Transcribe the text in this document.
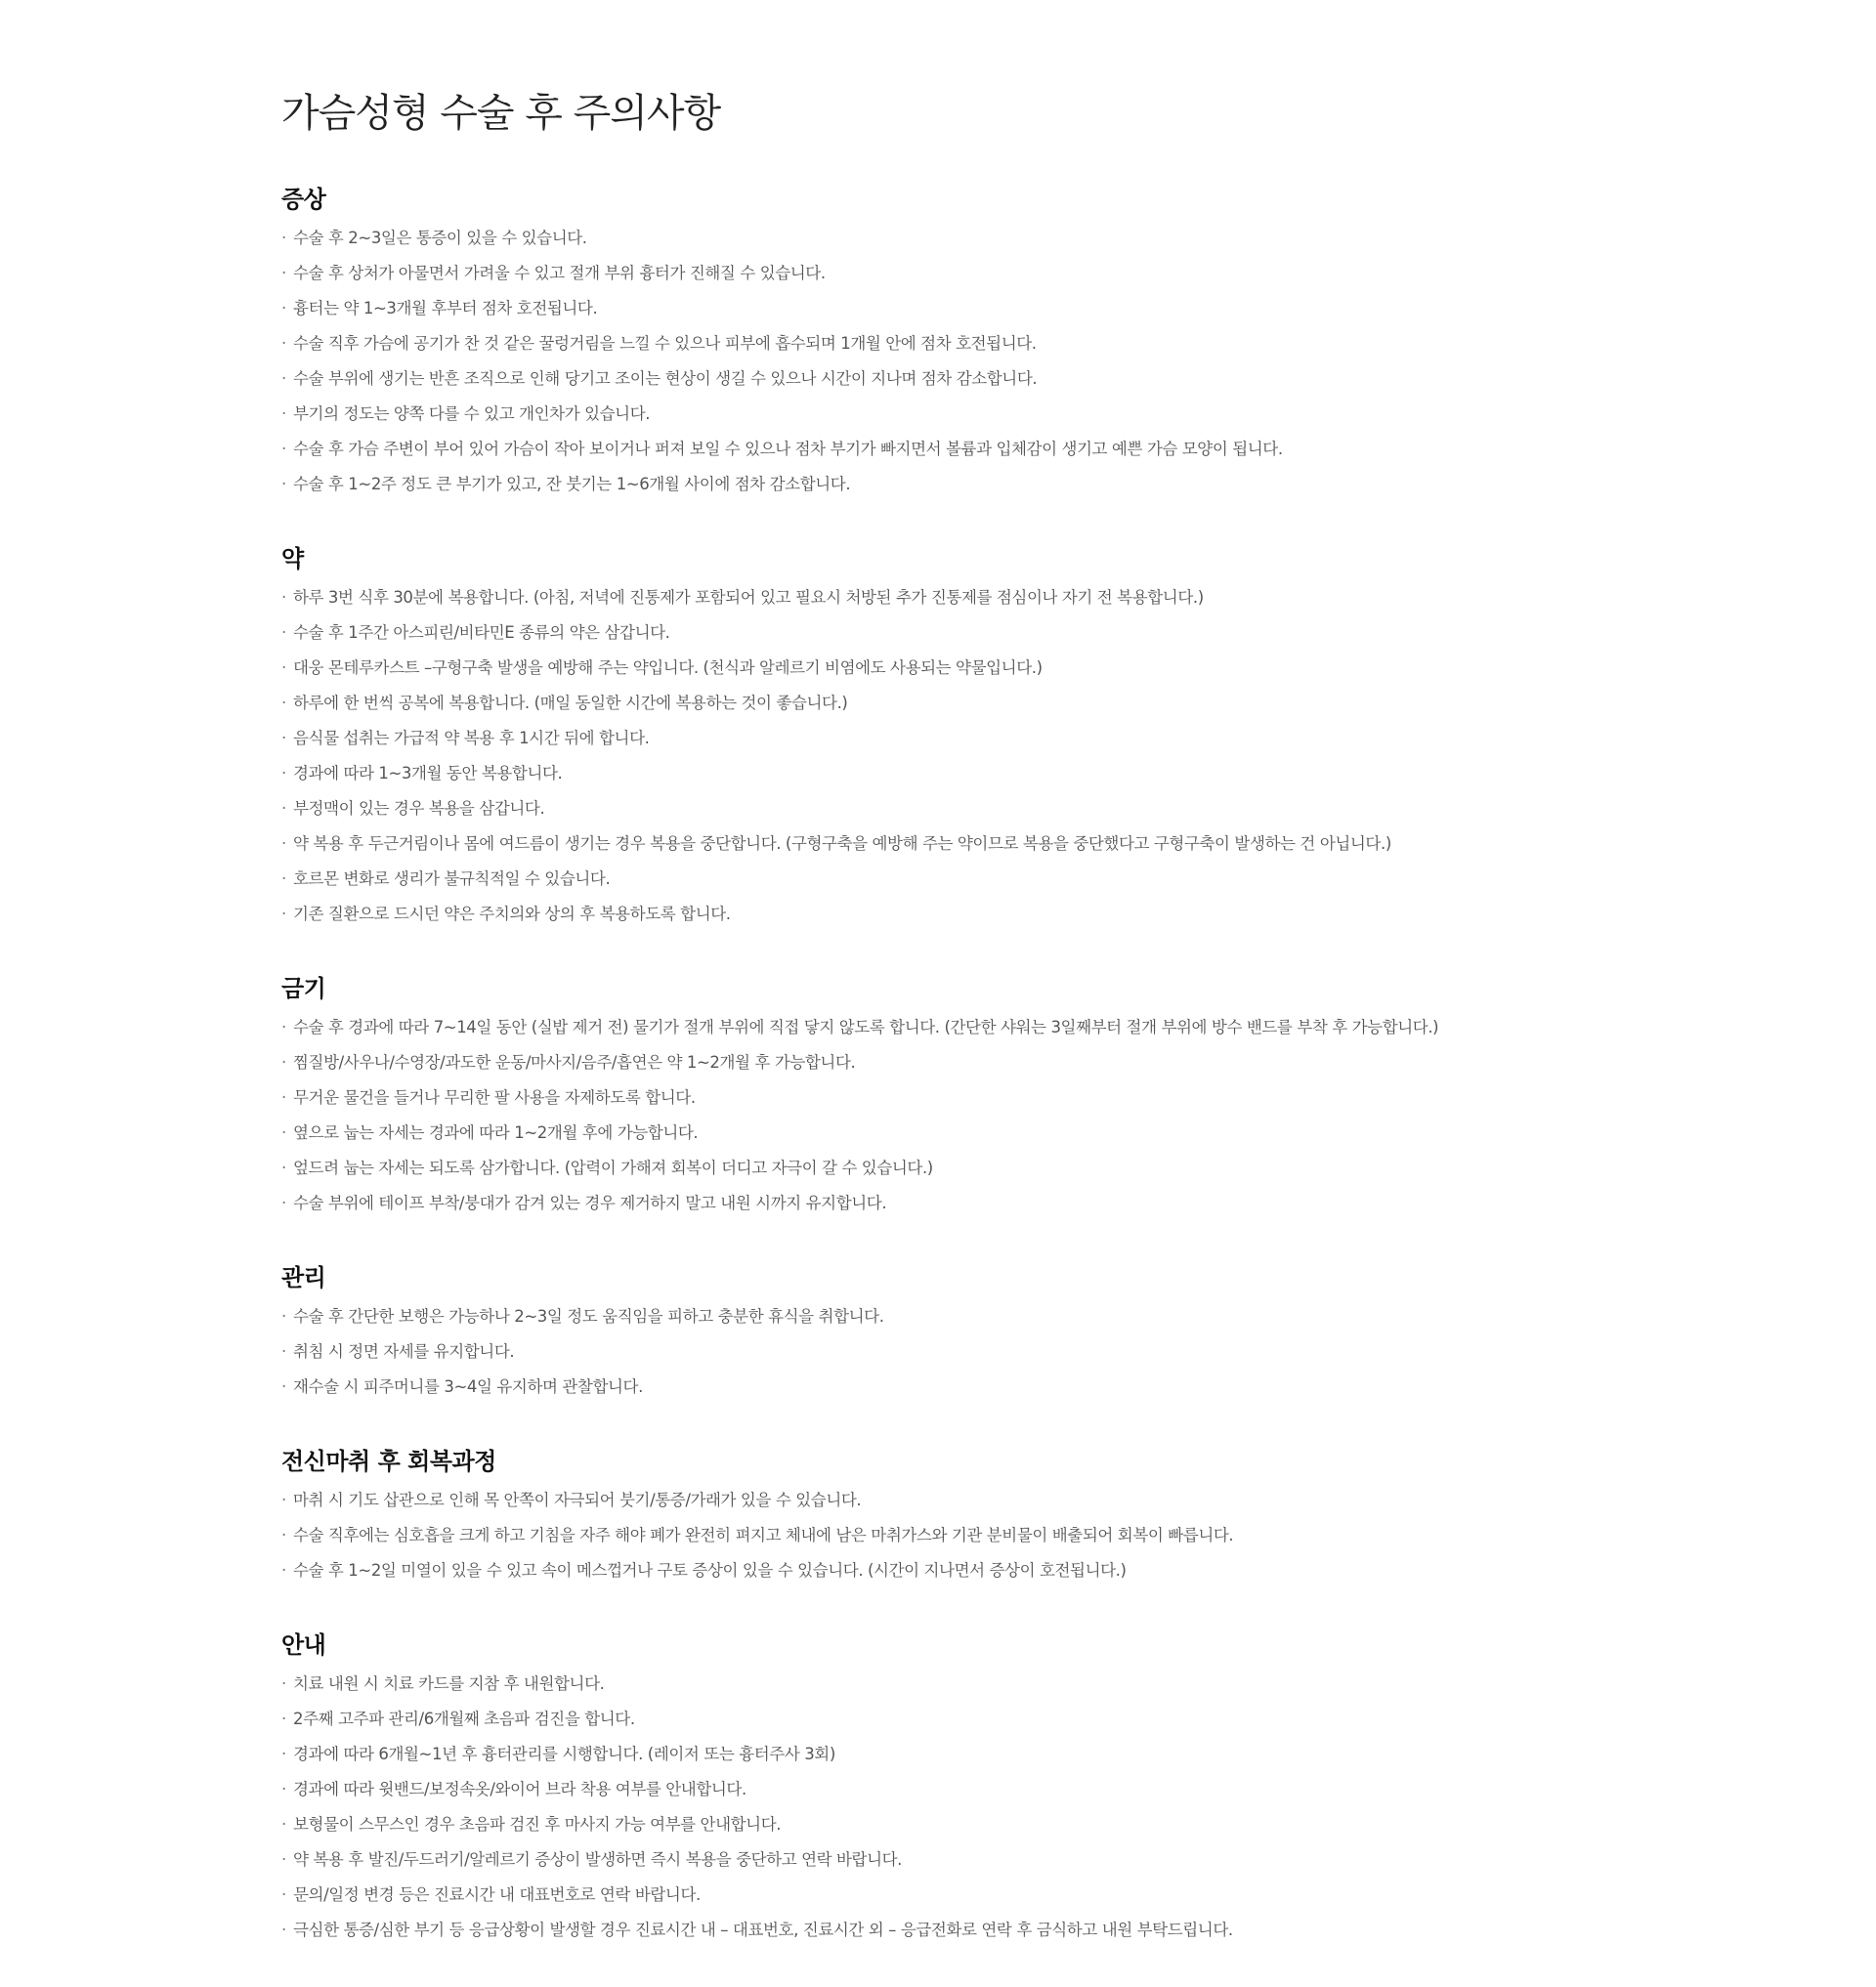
가슴성형 수술 후 주의사항
증상
· 수술 후 2~3일은 통증이 있을 수 있습니다.
· 수술 후 상처가 아물면서 가려울 수 있고 절개 부위 흉터가 진해질 수 있습니다.
· 흉터는 약 1~3개월 후부터 점차 호전됩니다.
· 수술 직후 가슴에 공기가 찬 것 같은 꿀렁거림을 느낄 수 있으나 피부에 흡수되며 1개월 안에 점차 호전됩니다.
· 수술 부위에 생기는 반흔 조직으로 인해 당기고 조이는 현상이 생길 수 있으나 시간이 지나며 점차 감소합니다.
· 부기의 정도는 양쪽 다를 수 있고 개인차가 있습니다.
· 수술 후 가슴 주변이 부어 있어 가슴이 작아 보이거나 퍼져 보일 수 있으나 점차 부기가 빠지면서 볼륨과 입체감이 생기고 예쁜 가슴 모양이 됩니다.
· 수술 후 1~2주 정도 큰 부기가 있고, 잔 붓기는 1~6개월 사이에 점차 감소합니다.
약
· 하루 3번 식후 30분에 복용합니다. (아침, 저녁에 진통제가 포함되어 있고 필요시 처방된 추가 진통제를 점심이나 자기 전 복용합니다.)
· 수술 후 1주간 아스피린/비타민E 종류의 약은 삼갑니다.
· 대웅 몬테루카스트 –구형구축 발생을 예방해 주는 약입니다. (천식과 알레르기 비염에도 사용되는 약물입니다.)
· 하루에 한 번씩 공복에 복용합니다. (매일 동일한 시간에 복용하는 것이 좋습니다.)
· 음식물 섭취는 가급적 약 복용 후 1시간 뒤에 합니다.
· 경과에 따라 1~3개월 동안 복용합니다.
· 부정맥이 있는 경우 복용을 삼갑니다.
· 약 복용 후 두근거림이나 몸에 여드름이 생기는 경우 복용을 중단합니다. (구형구축을 예방해 주는 약이므로 복용을 중단했다고 구형구축이 발생하는 건 아닙니다.)
· 호르몬 변화로 생리가 불규칙적일 수 있습니다.
· 기존 질환으로 드시던 약은 주치의와 상의 후 복용하도록 합니다.
금기
· 수술 후 경과에 따라 7~14일 동안 (실밥 제거 전) 물기가 절개 부위에 직접 닿지 않도록 합니다. (간단한 샤워는 3일째부터 절개 부위에 방수 밴드를 부착 후 가능합니다.)
· 찜질방/사우나/수영장/과도한 운동/마사지/음주/흡연은 약 1~2개월 후 가능합니다.
· 무거운 물건을 들거나 무리한 팔 사용을 자제하도록 합니다.
· 옆으로 눕는 자세는 경과에 따라 1~2개월 후에 가능합니다.
· 엎드려 눕는 자세는 되도록 삼가합니다. (압력이 가해져 회복이 더디고 자극이 갈 수 있습니다.)
· 수술 부위에 테이프 부착/붕대가 감겨 있는 경우 제거하지 말고 내원 시까지 유지합니다.
관리
· 수술 후 간단한 보행은 가능하나 2~3일 정도 움직임을 피하고 충분한 휴식을 취합니다.
· 취침 시 정면 자세를 유지합니다.
· 재수술 시 피주머니를 3~4일 유지하며 관찰합니다.
전신마취 후 회복과정
· 마취 시 기도 삽관으로 인해 목 안쪽이 자극되어 붓기/통증/가래가 있을 수 있습니다.
· 수술 직후에는 심호흡을 크게 하고 기침을 자주 해야 폐가 완전히 펴지고 체내에 남은 마취가스와 기관 분비물이 배출되어 회복이 빠릅니다.
· 수술 후 1~2일 미열이 있을 수 있고 속이 메스껍거나 구토 증상이 있을 수 있습니다. (시간이 지나면서 증상이 호전됩니다.)
안내
· 치료 내원 시 치료 카드를 지참 후 내원합니다.
· 2주째 고주파 관리/6개월째 초음파 검진을 합니다.
· 경과에 따라 6개월~1년 후 흉터관리를 시행합니다. (레이저 또는 흉터주사 3회)
· 경과에 따라 윗밴드/보정속옷/와이어 브라 착용 여부를 안내합니다.
· 보형물이 스무스인 경우 초음파 검진 후 마사지 가능 여부를 안내합니다.
· 약 복용 후 발진/두드러기/알레르기 증상이 발생하면 즉시 복용을 중단하고 연락 바랍니다.
· 문의/일정 변경 등은 진료시간 내 대표번호로 연락 바랍니다.
· 극심한 통증/심한 부기 등 응급상황이 발생할 경우 진료시간 내 – 대표번호, 진료시간 외 – 응급전화로 연락 후 금식하고 내원 부탁드립니다.
